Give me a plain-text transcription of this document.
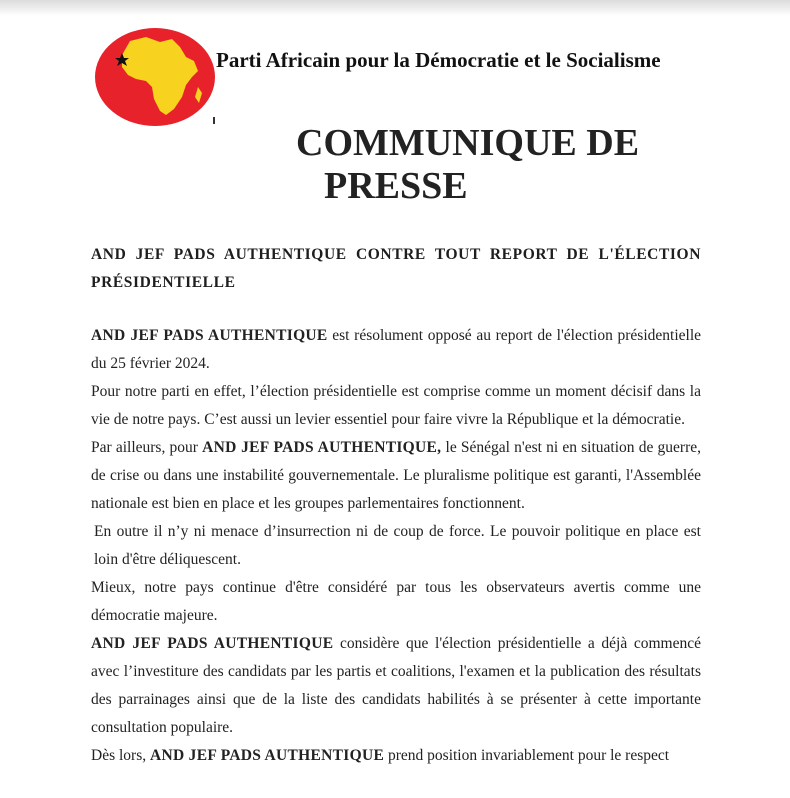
Parti Africain pour la Démocratie et le Socialisme
COMMUNIQUE DE
PRESSE
AND JEF PADS AUTHENTIQUE CONTRE TOUT REPORT DE L'ÉLECTION PRÉSIDENTIELLE

AND JEF PADS AUTHENTIQUE est résolument opposé au report de l'élection présidentielle du 25 février 2024.

Pour notre parti en effet, l’élection présidentielle est comprise comme un moment décisif dans la vie de notre pays. C’est aussi un levier essentiel pour faire vivre la République et la démocratie.

Par ailleurs, pour AND JEF PADS AUTHENTIQUE, le Sénégal n'est ni en situation de guerre, de crise ou dans une instabilité gouvernementale. Le pluralisme politique est garanti, l'Assemblée nationale est bien en place et les groupes parlementaires fonctionnent.

En outre il n’y ni menace d’insurrection ni de coup de force. Le pouvoir politique en place est loin d'être déliquescent.

Mieux, notre pays continue d'être considéré par tous les observateurs avertis comme une démocratie majeure.

AND JEF PADS AUTHENTIQUE considère que l'élection présidentielle a déjà commencé avec l’investiture des candidats par les partis et coalitions, l'examen et la publication des résultats des parrainages ainsi que de la liste des candidats habilités à se présenter à cette importante consultation populaire.

Dès lors, AND JEF PADS AUTHENTIQUE prend position invariablement pour le respect
